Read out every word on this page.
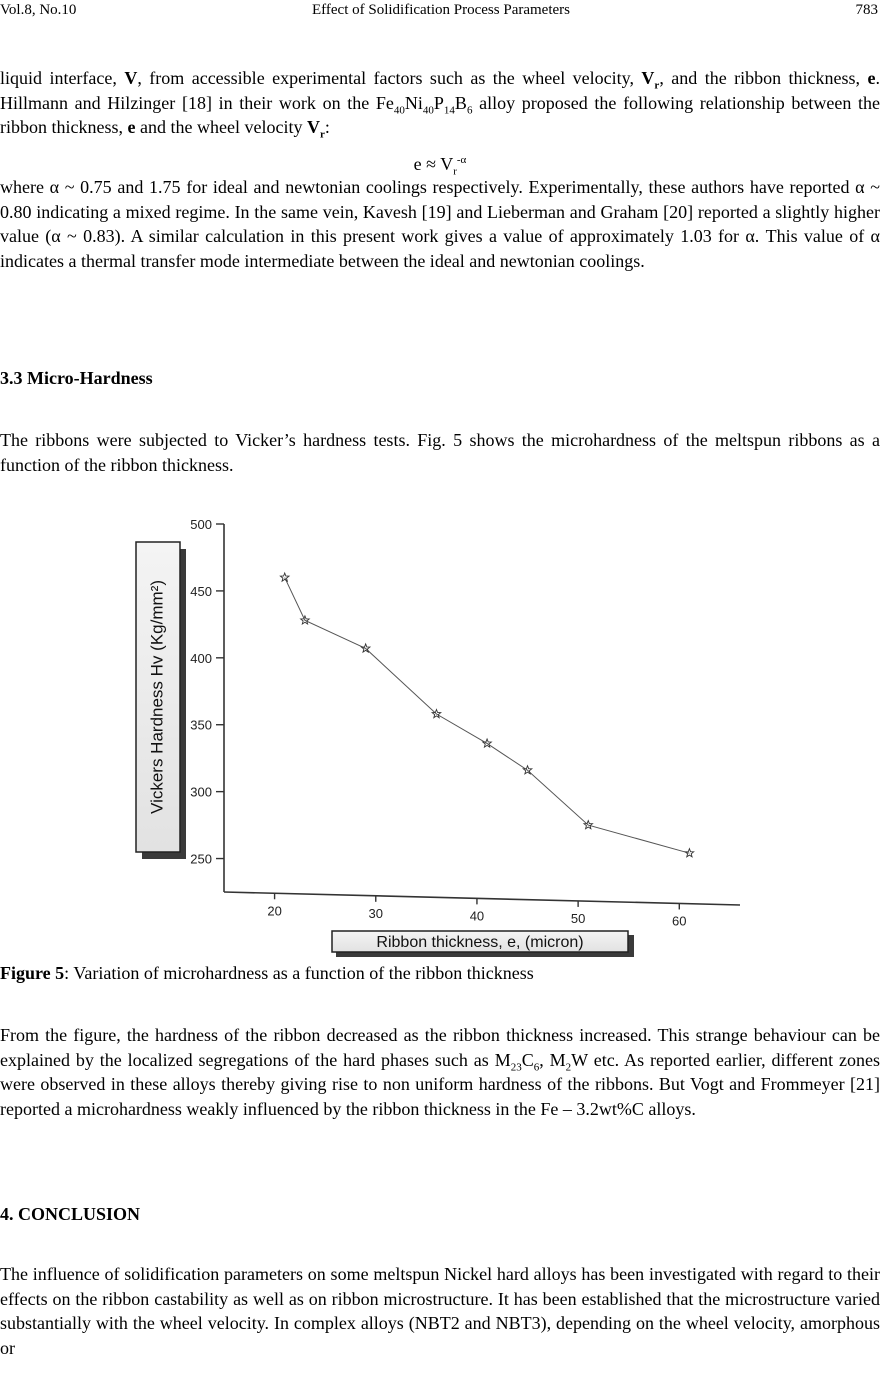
Vol.8, No.10	Effect of Solidification Process Parameters	783

liquid interface, V, from accessible experimental factors such as the wheel velocity, $V_r$, and the ribbon thickness, e. Hillmann and Hilzinger [18] in their work on the $Fe_{40}Ni_{40}P_{14}B_6$ alloy proposed the following relationship between the ribbon thickness, e and the wheel velocity $V_r$:

$e \approx V_r^{-\alpha}$

where α ~ 0.75 and 1.75 for ideal and newtonian coolings respectively. Experimentally, these authors have reported α ~ 0.80 indicating a mixed regime. In the same vein, Kavesh [19] and Lieberman and Graham [20] reported a slightly higher value (α ~ 0.83). A similar calculation in this present work gives a value of approximately 1.03 for α. This value of α indicates a thermal transfer mode intermediate between the ideal and newtonian coolings.

3.3 Micro-Hardness

The ribbons were subjected to Vicker’s hardness tests. Fig. 5 shows the microhardness of the meltspun ribbons as a function of the ribbon thickness.

Vickers Hardness Hv (Kg/mm²)
Ribbon thickness, e, (micron)
250
300
350
400
450
500
20	30	40	50	60
Figure 5: Variation of microhardness as a function of the ribbon thickness

From the figure, the hardness of the ribbon decreased as the ribbon thickness increased. This strange behaviour can be explained by the localized segregations of the hard phases such as $M_{23}C_6$, $M_2W$ etc. As reported earlier, different zones were observed in these alloys thereby giving rise to non uniform hardness of the ribbons. But Vogt and Frommeyer [21] reported a microhardness weakly influenced by the ribbon thickness in the Fe – 3.2wt%C alloys.

4. CONCLUSION

The influence of solidification parameters on some meltspun Nickel hard alloys has been investigated with regard to their effects on the ribbon castability as well as on ribbon microstructure. It has been established that the microstructure varied substantially with the wheel velocity. In complex alloys (NBT2 and NBT3), depending on the wheel velocity, amorphous or
